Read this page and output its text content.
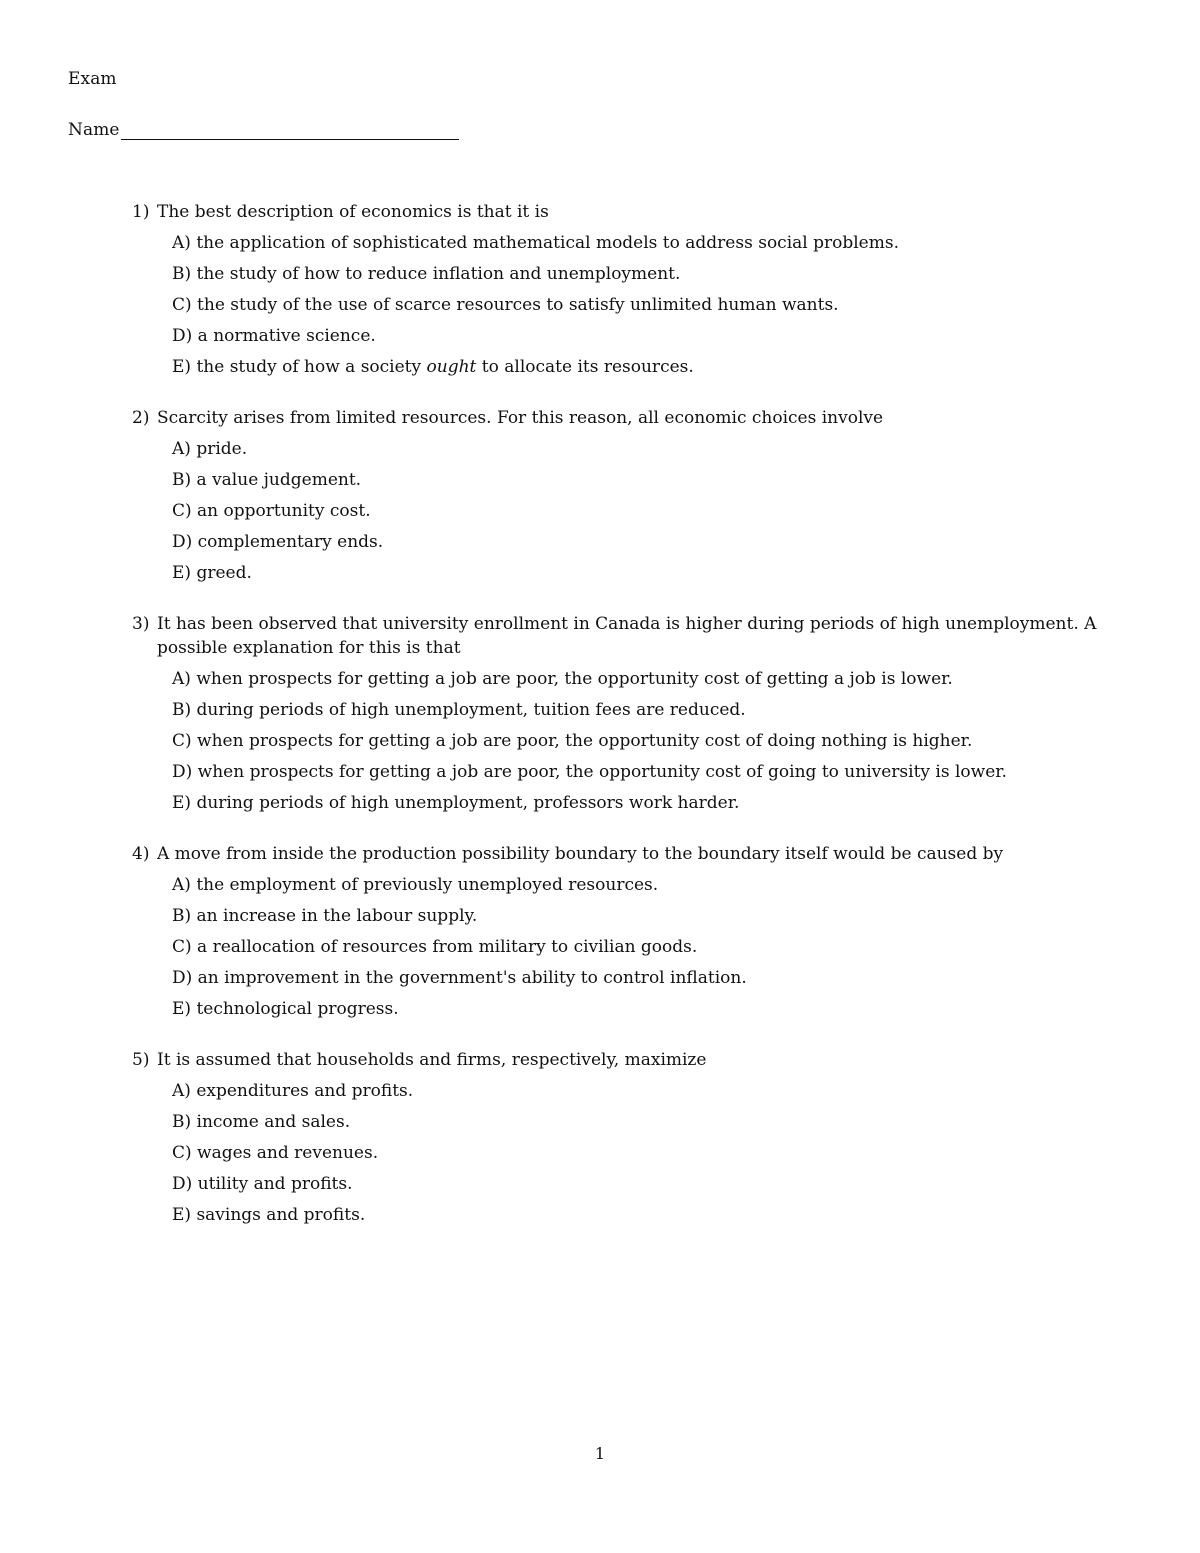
Exam
Name
1) The best description of economics is that it is
A) the application of sophisticated mathematical models to address social problems.
B) the study of how to reduce inflation and unemployment.
C) the study of the use of scarce resources to satisfy unlimited human wants.
D) a normative science.
E) the study of how a society ought to allocate its resources.
2) Scarcity arises from limited resources. For this reason, all economic choices involve
A) pride.
B) a value judgement.
C) an opportunity cost.
D) complementary ends.
E) greed.
3) It has been observed that university enrollment in Canada is higher during periods of high unemployment. A possible explanation for this is that
A) when prospects for getting a job are poor, the opportunity cost of getting a job is lower.
B) during periods of high unemployment, tuition fees are reduced.
C) when prospects for getting a job are poor, the opportunity cost of doing nothing is higher.
D) when prospects for getting a job are poor, the opportunity cost of going to university is lower.
E) during periods of high unemployment, professors work harder.
4) A move from inside the production possibility boundary to the boundary itself would be caused by
A) the employment of previously unemployed resources.
B) an increase in the labour supply.
C) a reallocation of resources from military to civilian goods.
D) an improvement in the government's ability to control inflation.
E) technological progress.
5) It is assumed that households and firms, respectively, maximize
A) expenditures and profits.
B) income and sales.
C) wages and revenues.
D) utility and profits.
E) savings and profits.
1
